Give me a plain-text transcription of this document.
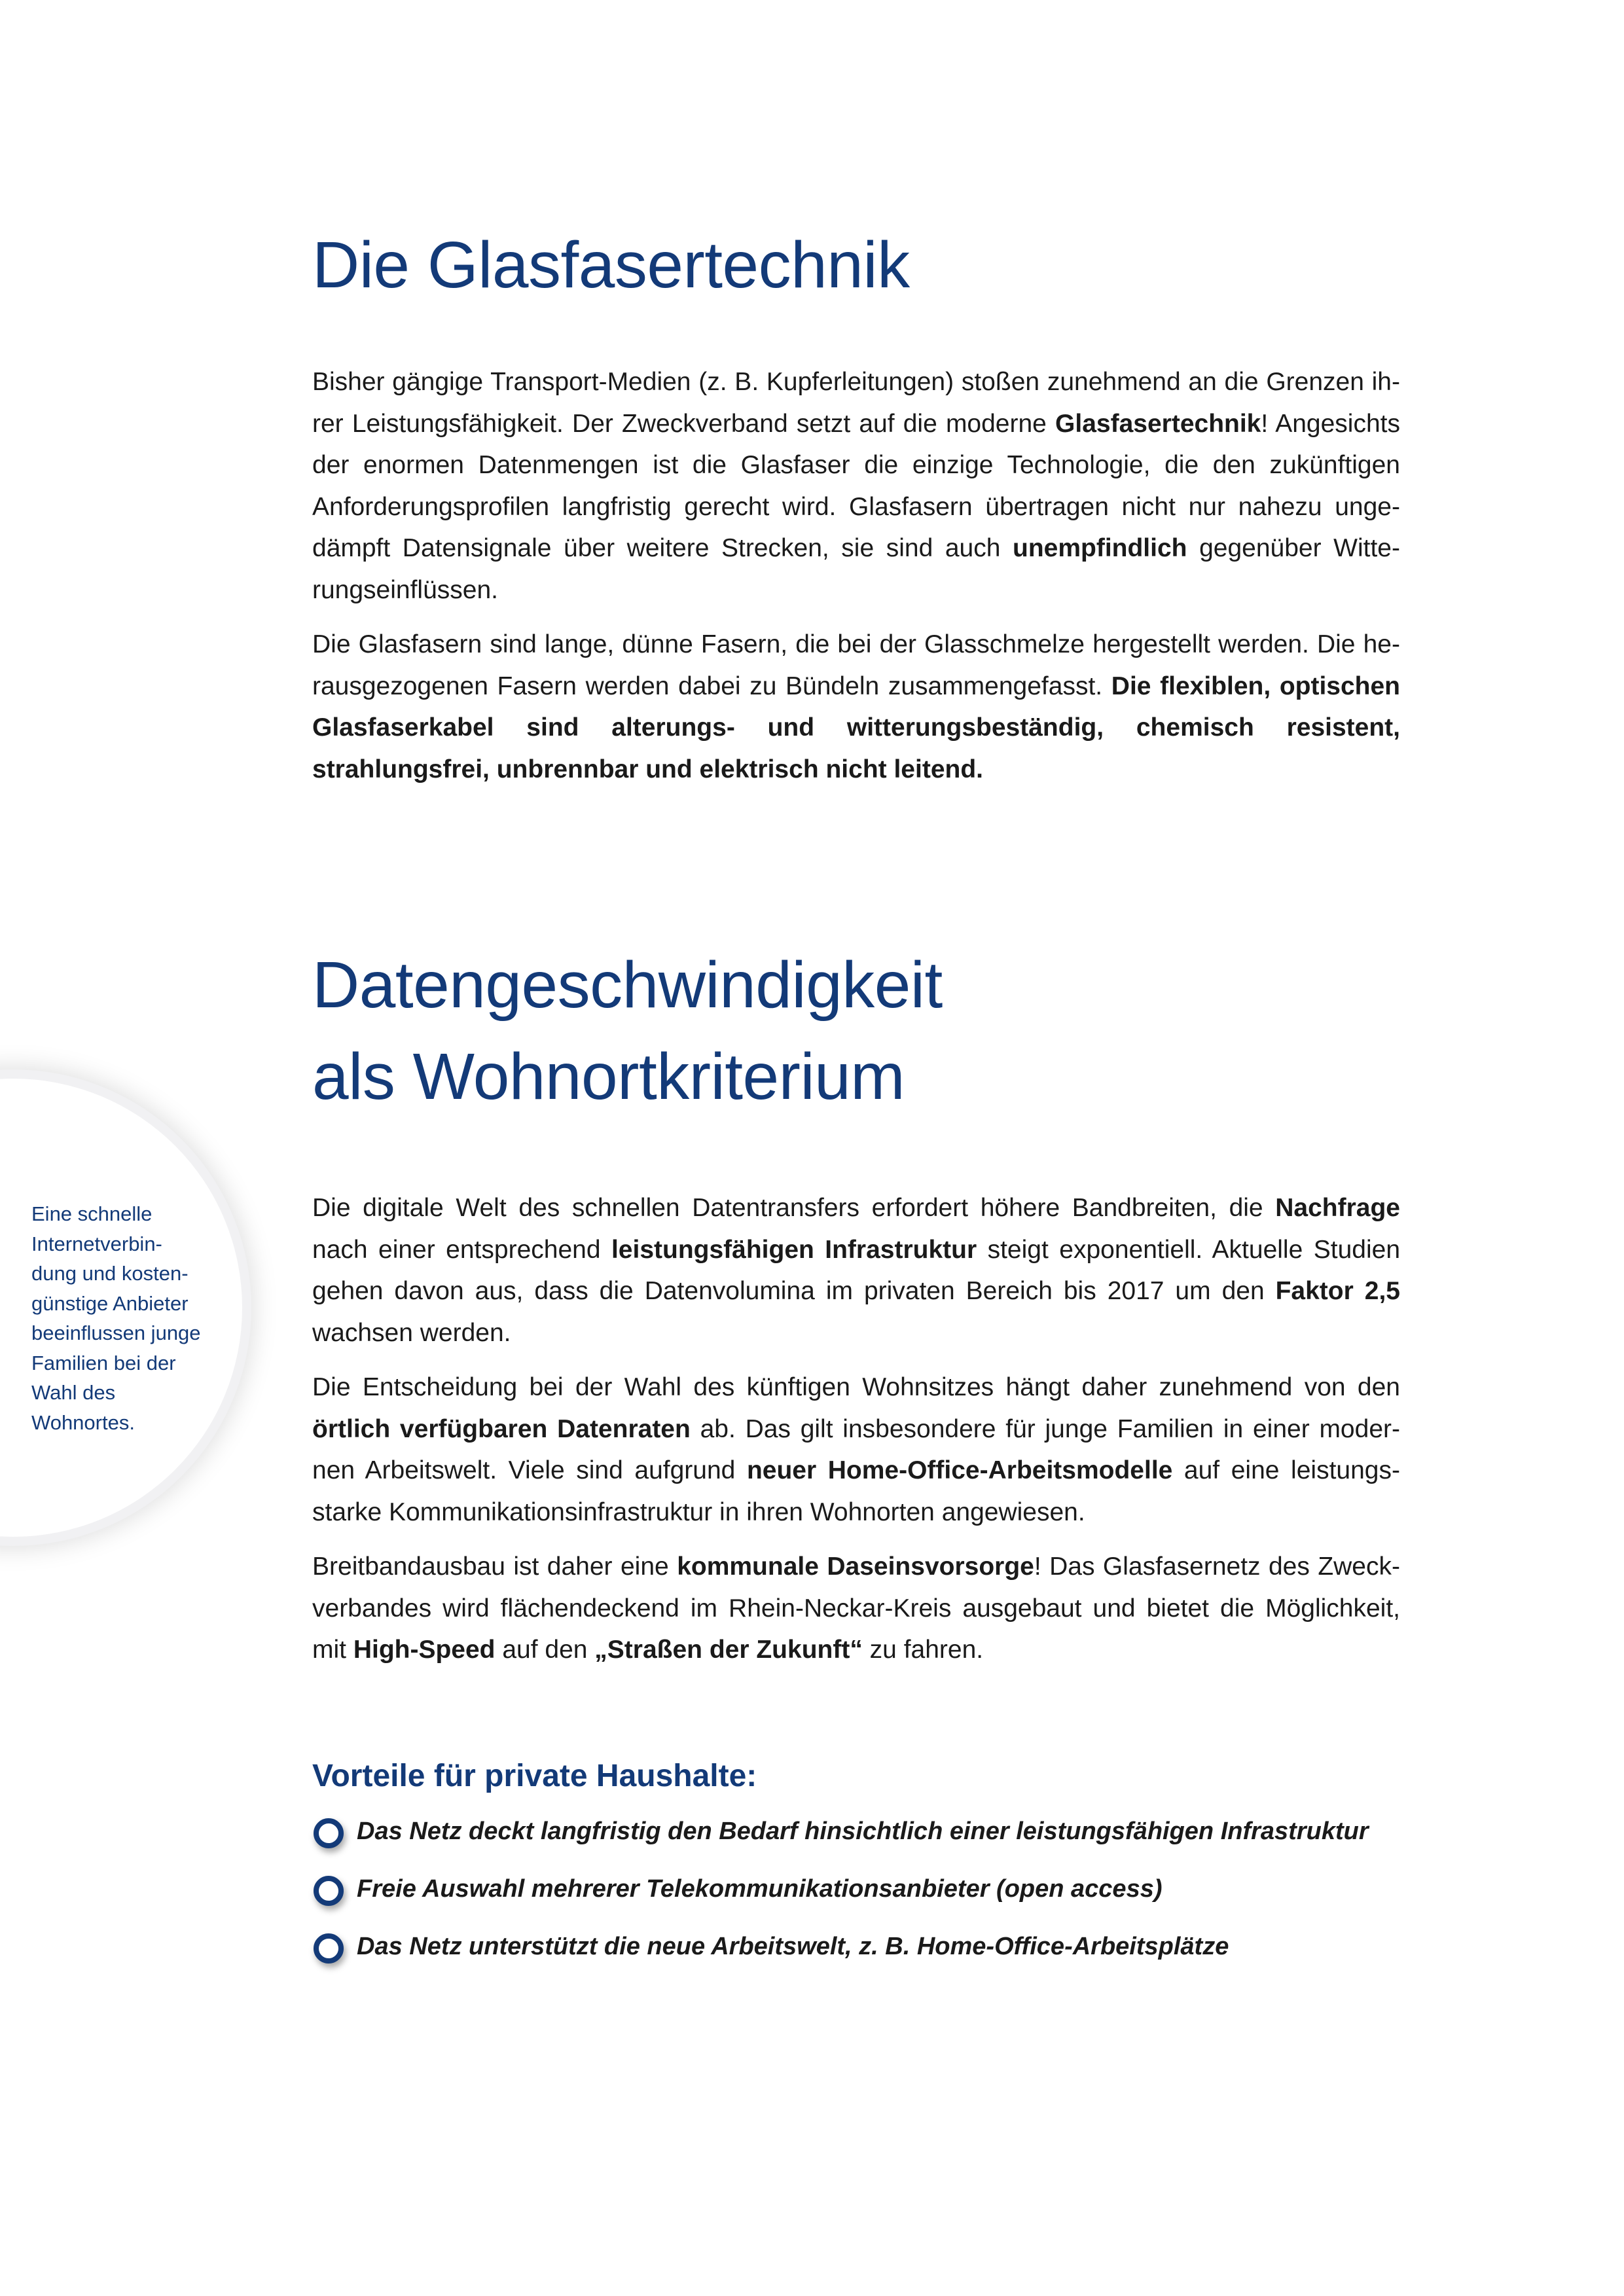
Eine schnelle
Internetverbin-
dung und kosten-
günstige Anbieter
beeinflussen junge
Familien bei der
Wahl des
Wohnortes.
Die Glasfasertechnik

Bisher gängige Transport-Medien (z. B. Kupferleitungen) stoßen zunehmend an die Grenzen ihrer Leistungsfähigkeit. Der Zweckverband setzt auf die moderne Glasfasertechnik! Angesichts der enormen Datenmengen ist die Glasfaser die einzige Technologie, die den zukünftigen Anforderungsprofilen langfristig gerecht wird. Glasfasern übertragen nicht nur nahezu ungedämpft Datensignale über weitere Strecken, sie sind auch unempfindlich gegenüber Witterungseinflüssen.

Die Glasfasern sind lange, dünne Fasern, die bei der Glasschmelze hergestellt werden. Die herausgezogenen Fasern werden dabei zu Bündeln zusammengefasst. Die flexiblen, optischen Glasfaserkabel sind alterungs- und witterungsbeständig, chemisch resistent, strahlungsfrei, unbrennbar und elektrisch nicht leitend.

Datengeschwindigkeit
als Wohnortkriterium

Die digitale Welt des schnellen Datentransfers erfordert höhere Bandbreiten, die Nachfrage nach einer entsprechend leistungsfähigen Infrastruktur steigt exponentiell. Aktuelle Studien gehen davon aus, dass die Datenvolumina im privaten Bereich bis 2017 um den Faktor 2,5 wachsen werden.

Die Entscheidung bei der Wahl des künftigen Wohnsitzes hängt daher zunehmend von den örtlich verfügbaren Datenraten ab. Das gilt insbesondere für junge Familien in einer modernen Arbeitswelt. Viele sind aufgrund neuer Home-Office-Arbeitsmodelle auf eine leistungsstarke Kommunikationsinfrastruktur in ihren Wohnorten angewiesen.

Breitbandausbau ist daher eine kommunale Daseinsvorsorge! Das Glasfasernetz des Zweckverbandes wird flächendeckend im Rhein-Neckar-Kreis ausgebaut und bietet die Möglichkeit, mit High-Speed auf den „Straßen der Zukunft“ zu fahren.

Vorteile für private Haushalte:
Das Netz deckt langfristig den Bedarf hinsichtlich einer leistungsfähigen Infrastruktur
Freie Auswahl mehrerer Telekommunikationsanbieter (open access)
Das Netz unterstützt die neue Arbeitswelt, z. B. Home-Office-Arbeitsplätze
